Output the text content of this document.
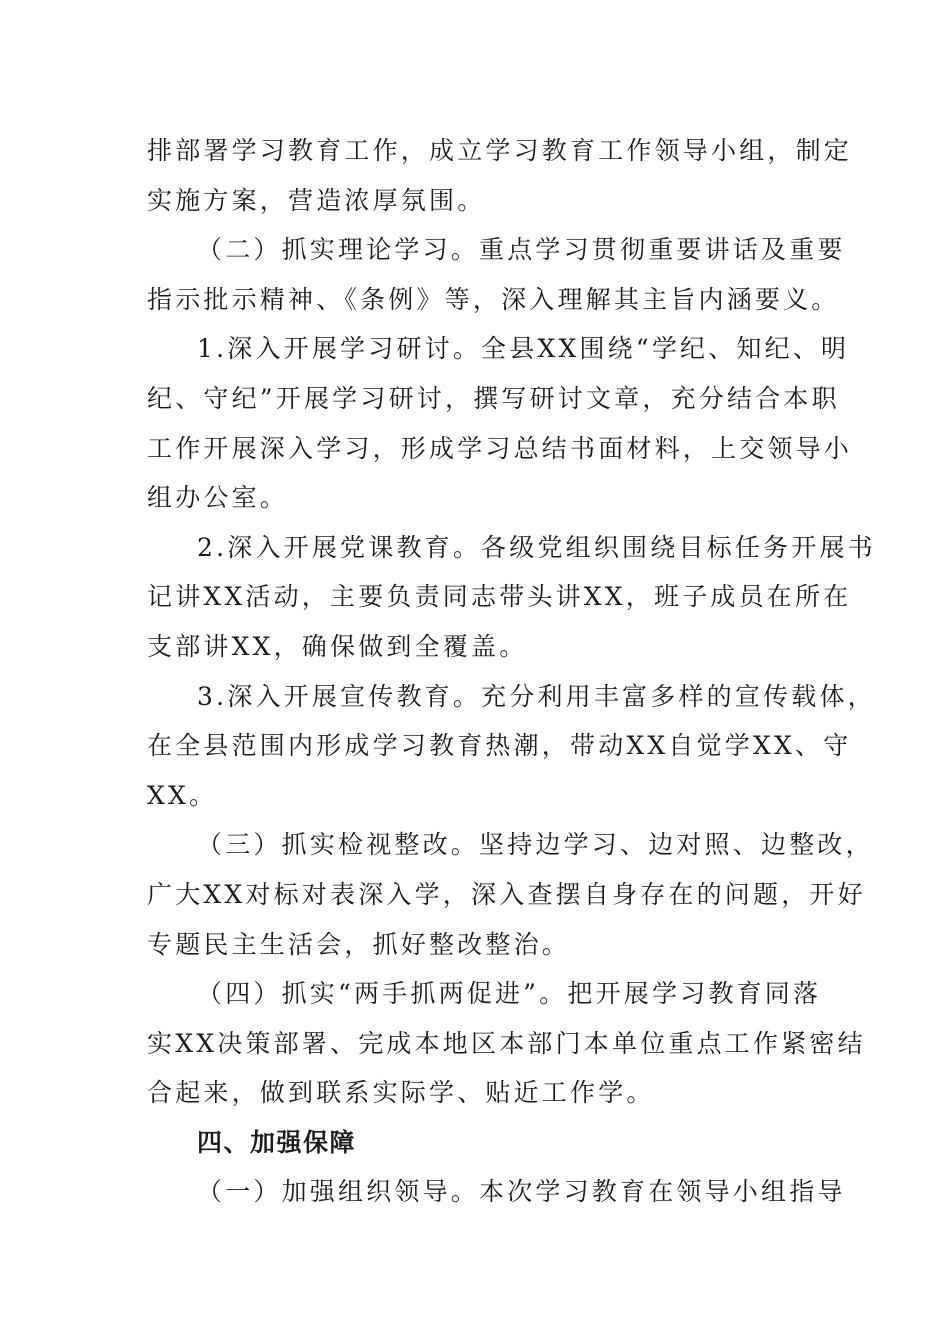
排部署学习教育工作，成立学习教育工作领导小组，制定
实施方案，营造浓厚氛围。
（二）抓实理论学习。重点学习贯彻重要讲话及重要
指示批示精神、《条例》等，深入理解其主旨内涵要义。
1.深入开展学习研讨。全县XX围绕“学纪、知纪、明
纪、守纪”开展学习研讨，撰写研讨文章，充分结合本职
工作开展深入学习，形成学习总结书面材料，上交领导小
组办公室。
2.深入开展党课教育。各级党组织围绕目标任务开展书
记讲XX活动，主要负责同志带头讲XX，班子成员在所在
支部讲XX，确保做到全覆盖。
3.深入开展宣传教育。充分利用丰富多样的宣传载体，
在全县范围内形成学习教育热潮，带动XX自觉学XX、守
XX。
（三）抓实检视整改。坚持边学习、边对照、边整改，
广大XX对标对表深入学，深入查摆自身存在的问题，开好
专题民主生活会，抓好整改整治。
（四）抓实“两手抓两促进”。把开展学习教育同落
实XX决策部署、完成本地区本部门本单位重点工作紧密结
合起来，做到联系实际学、贴近工作学。
四、加强保障
（一）加强组织领导。本次学习教育在领导小组指导
